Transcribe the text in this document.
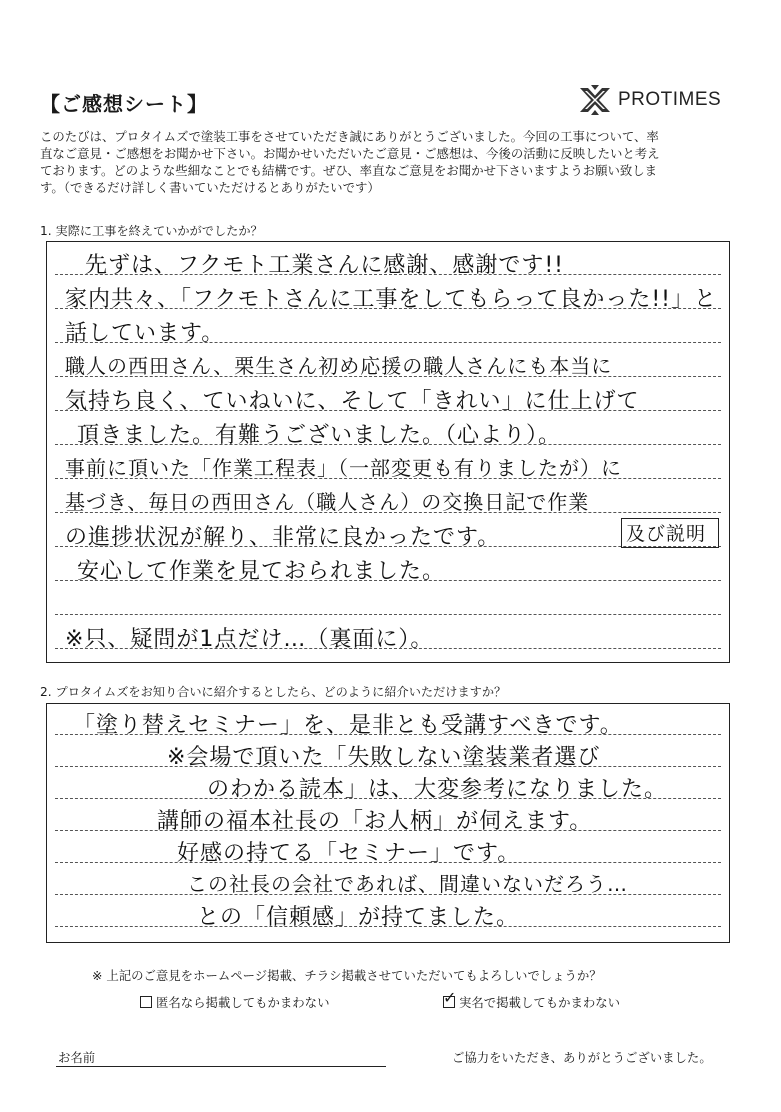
【ご感想シート】	PROTIMES
このたびは、プロタイムズで塗装工事をさせていただき誠にありがとうございました。今回の工事について、率
直なご意見・ご感想をお聞かせ下さい。お聞かせいただいたご意見・ご感想は、今後の活動に反映したいと考え
ております。どのような些細なことでも結構です。ぜひ、率直なご意見をお聞かせ下さいますようお願い致しま
す。（できるだけ詳しく書いていただけるとありがたいです）
1. 実際に工事を終えていかがでしたか？
先ずは、フクモト工業さんに感謝、感謝です!!
家内共々、「フクモトさんに工事をしてもらって良かった!!」と
話しています。
職人の西田さん、栗生さん初め応援の職人さんにも本当に
気持ち良く、ていねいに、そして「きれい」に仕上げて
頂きました。有難うございました。（心より）。
事前に頂いた「作業工程表」（一部変更も有りましたが）に
基づき、毎日の西田さん（職人さん）の交換日記で作業
の進捗状況が解り、非常に良かったです。	及び説明
安心して作業を見ておられました。
※只、疑問が1点だけ…（裏面に）。
2. プロタイムズをお知り合いに紹介するとしたら、どのように紹介いただけますか？
「塗り替えセミナー」を、是非とも受講すべきです。
※会場で頂いた「失敗しない塗装業者選び
のわかる読本」は、大変参考になりました。
講師の福本社長の「お人柄」が伺えます。
好感の持てる「セミナー」です。
この社長の会社であれば、間違いないだろう…
との「信頼感」が持てました。
※ 上記のご意見をホームページ掲載、チラシ掲載させていただいてもよろしいでしょうか？
匿名なら掲載してもかまわない	✓ 実名で掲載してもかまわない
お名前	ご協力をいただき、ありがとうございました。
